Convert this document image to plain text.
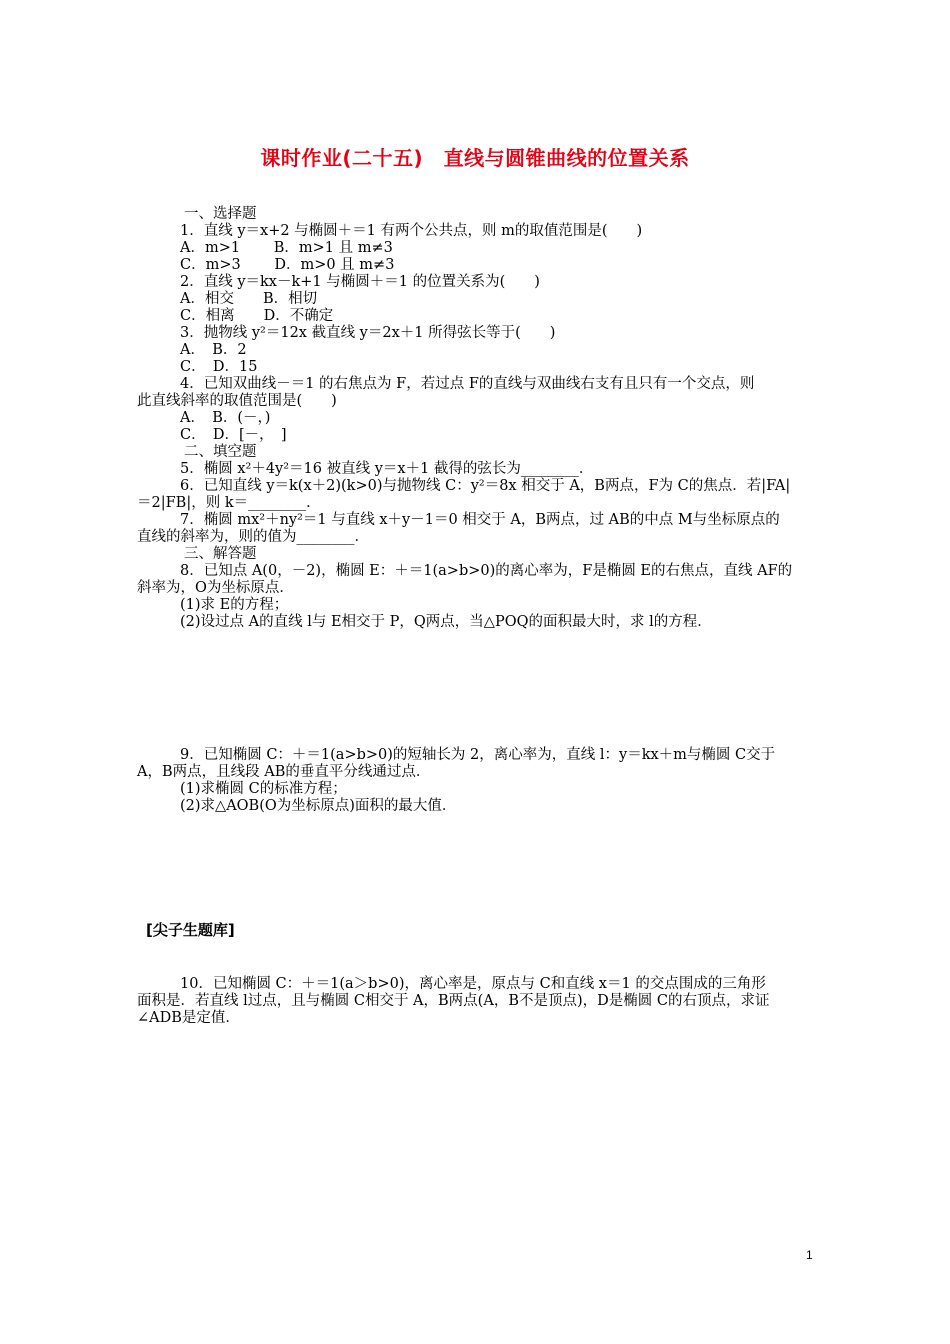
课时作业(二十五)　直线与圆锥曲线的位置关系
一、选择题
1．直线 y＝x+2 与椭圆＋＝1 有两个公共点，则 m的取值范围是(　　)
A．m>1　　 B．m>1 且 m≠3
C．m>3　　 D．m>0 且 m≠3
2．直线 y＝kx－k+1 与椭圆＋＝1 的位置关系为(　　)
A．相交　　B．相切
C．相离　　D．不确定
3．抛物线 y²＝12x 截直线 y＝2x＋1 所得弦长等于(　　)
A．　B．2
C．　D．15
4．已知双曲线－＝1 的右焦点为 F，若过点 F的直线与双曲线右支有且只有一个交点，则
此直线斜率的取值范围是(　　)
A．　B．(－，)
C．　D．[－，　]
二、填空题
5．椭圆 x²＋4y²＝16 被直线 y＝x＋1 截得的弦长为________．
6．已知直线 y＝k(x＋2)(k>0)与抛物线 C：y²＝8x 相交于 A，B两点，F为 C的焦点．若|FA|
＝2|FB|，则 k＝________．
7．椭圆 mx²＋ny²＝1 与直线 x＋y－1＝0 相交于 A，B两点，过 AB的中点 M与坐标原点的
直线的斜率为，则的值为________．
三、解答题
8．已知点 A(0，－2)，椭圆 E：＋＝1(a>b>0)的离心率为，F是椭圆 E的右焦点，直线 AF的
斜率为，O为坐标原点．
(1)求 E的方程；
(2)设过点 A的直线 l与 E相交于 P，Q两点，当△POQ的面积最大时，求 l的方程．
9．已知椭圆 C：＋＝1(a>b>0)的短轴长为 2，离心率为，直线 l：y＝kx＋m与椭圆 C交于
A，B两点，且线段 AB的垂直平分线通过点．
(1)求椭圆 C的标准方程；
(2)求△AOB(O为坐标原点)面积的最大值．
[尖子生题库]
10．已知椭圆 C：＋＝1(a＞b>0)，离心率是，原点与 C和直线 x＝1 的交点围成的三角形
面积是．若直线 l过点，且与椭圆 C相交于 A，B两点(A，B不是顶点)，D是椭圆 C的右顶点，求证
∠ADB是定值．
1
